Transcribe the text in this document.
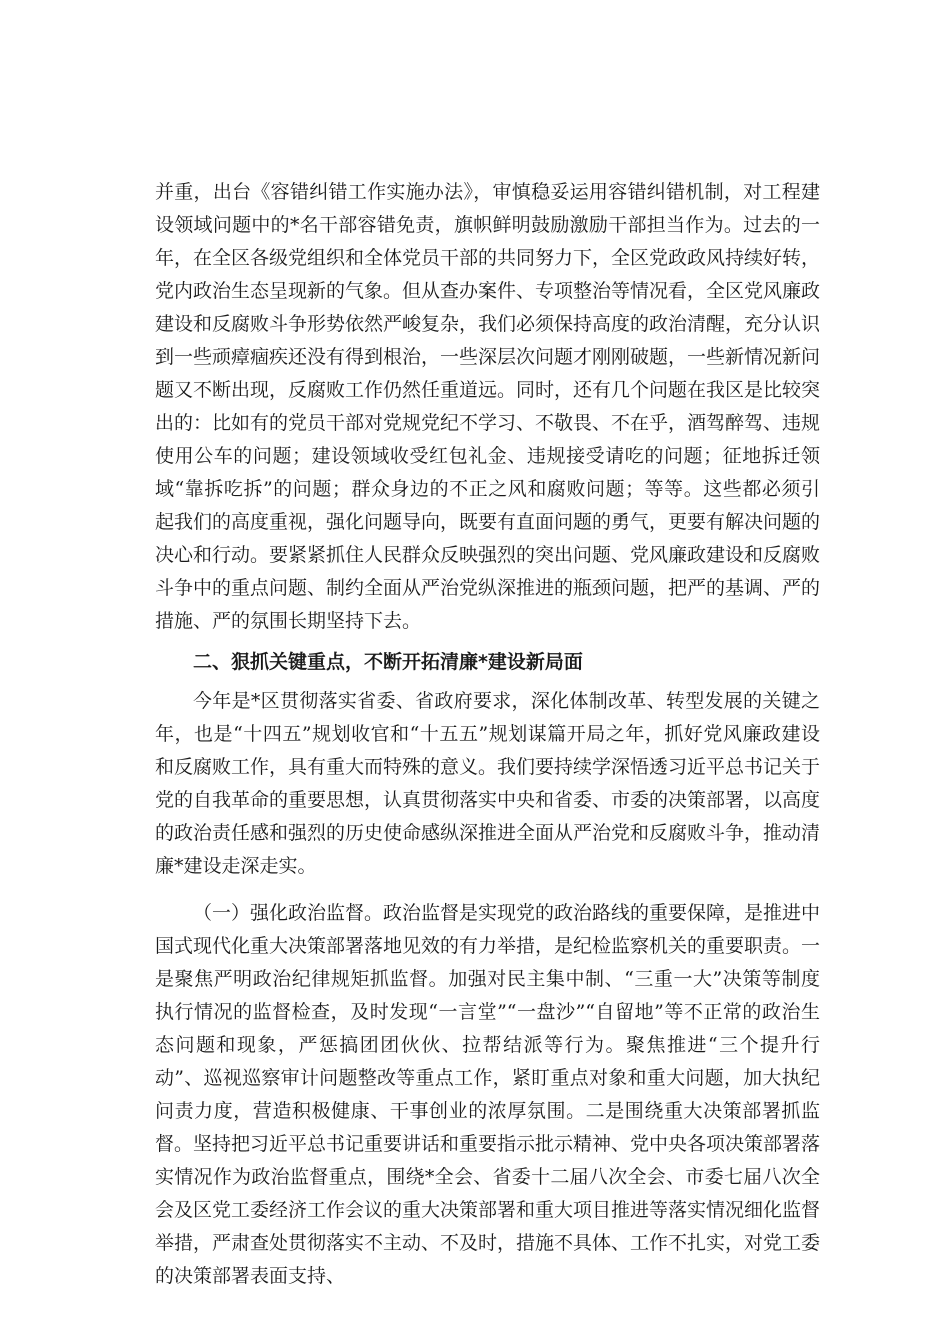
并重，出台《容错纠错工作实施办法》，审慎稳妥运用容错纠错机制，对工程建设领域问题中的*名干部容错免责，旗帜鲜明鼓励激励干部担当作为。过去的一年，在全区各级党组织和全体党员干部的共同努力下，全区党政政风持续好转，党内政治生态呈现新的气象。但从查办案件、专项整治等情况看，全区党风廉政建设和反腐败斗争形势依然严峻复杂，我们必须保持高度的政治清醒，充分认识到一些顽瘴痼疾还没有得到根治，一些深层次问题才刚刚破题，一些新情况新问题又不断出现，反腐败工作仍然任重道远。同时，还有几个问题在我区是比较突出的：比如有的党员干部对党规党纪不学习、不敬畏、不在乎，酒驾醉驾、违规使用公车的问题；建设领域收受红包礼金、违规接受请吃的问题；征地拆迁领域“靠拆吃拆”的问题；群众身边的不正之风和腐败问题；等等。这些都必须引起我们的高度重视，强化问题导向，既要有直面问题的勇气，更要有解决问题的决心和行动。要紧紧抓住人民群众反映强烈的突出问题、党风廉政建设和反腐败斗争中的重点问题、制约全面从严治党纵深推进的瓶颈问题，把严的基调、严的措施、严的氛围长期坚持下去。

二、狠抓关键重点，不断开拓清廉*建设新局面

今年是*区贯彻落实省委、省政府要求，深化体制改革、转型发展的关键之年，也是“十四五”规划收官和“十五五”规划谋篇开局之年，抓好党风廉政建设和反腐败工作，具有重大而特殊的意义。我们要持续学深悟透习近平总书记关于党的自我革命的重要思想，认真贯彻落实中央和省委、市委的决策部署，以高度的政治责任感和强烈的历史使命感纵深推进全面从严治党和反腐败斗争，推动清廉*建设走深走实。

（一）强化政治监督。政治监督是实现党的政治路线的重要保障，是推进中国式现代化重大决策部署落地见效的有力举措，是纪检监察机关的重要职责。一是聚焦严明政治纪律规矩抓监督。加强对民主集中制、“三重一大”决策等制度执行情况的监督检查，及时发现“一言堂”“一盘沙”“自留地”等不正常的政治生态问题和现象，严惩搞团团伙伙、拉帮结派等行为。聚焦推进“三个提升行动”、巡视巡察审计问题整改等重点工作，紧盯重点对象和重大问题，加大执纪问责力度，营造积极健康、干事创业的浓厚氛围。二是围绕重大决策部署抓监督。坚持把习近平总书记重要讲话和重要指示批示精神、党中央各项决策部署落实情况作为政治监督重点，围绕*全会、省委十二届八次全会、市委七届八次全会及区党工委经济工作会议的重大决策部署和重大项目推进等落实情况细化监督举措，严肃查处贯彻落实不主动、不及时，措施不具体、工作不扎实，对党工委的决策部署表面支持、
